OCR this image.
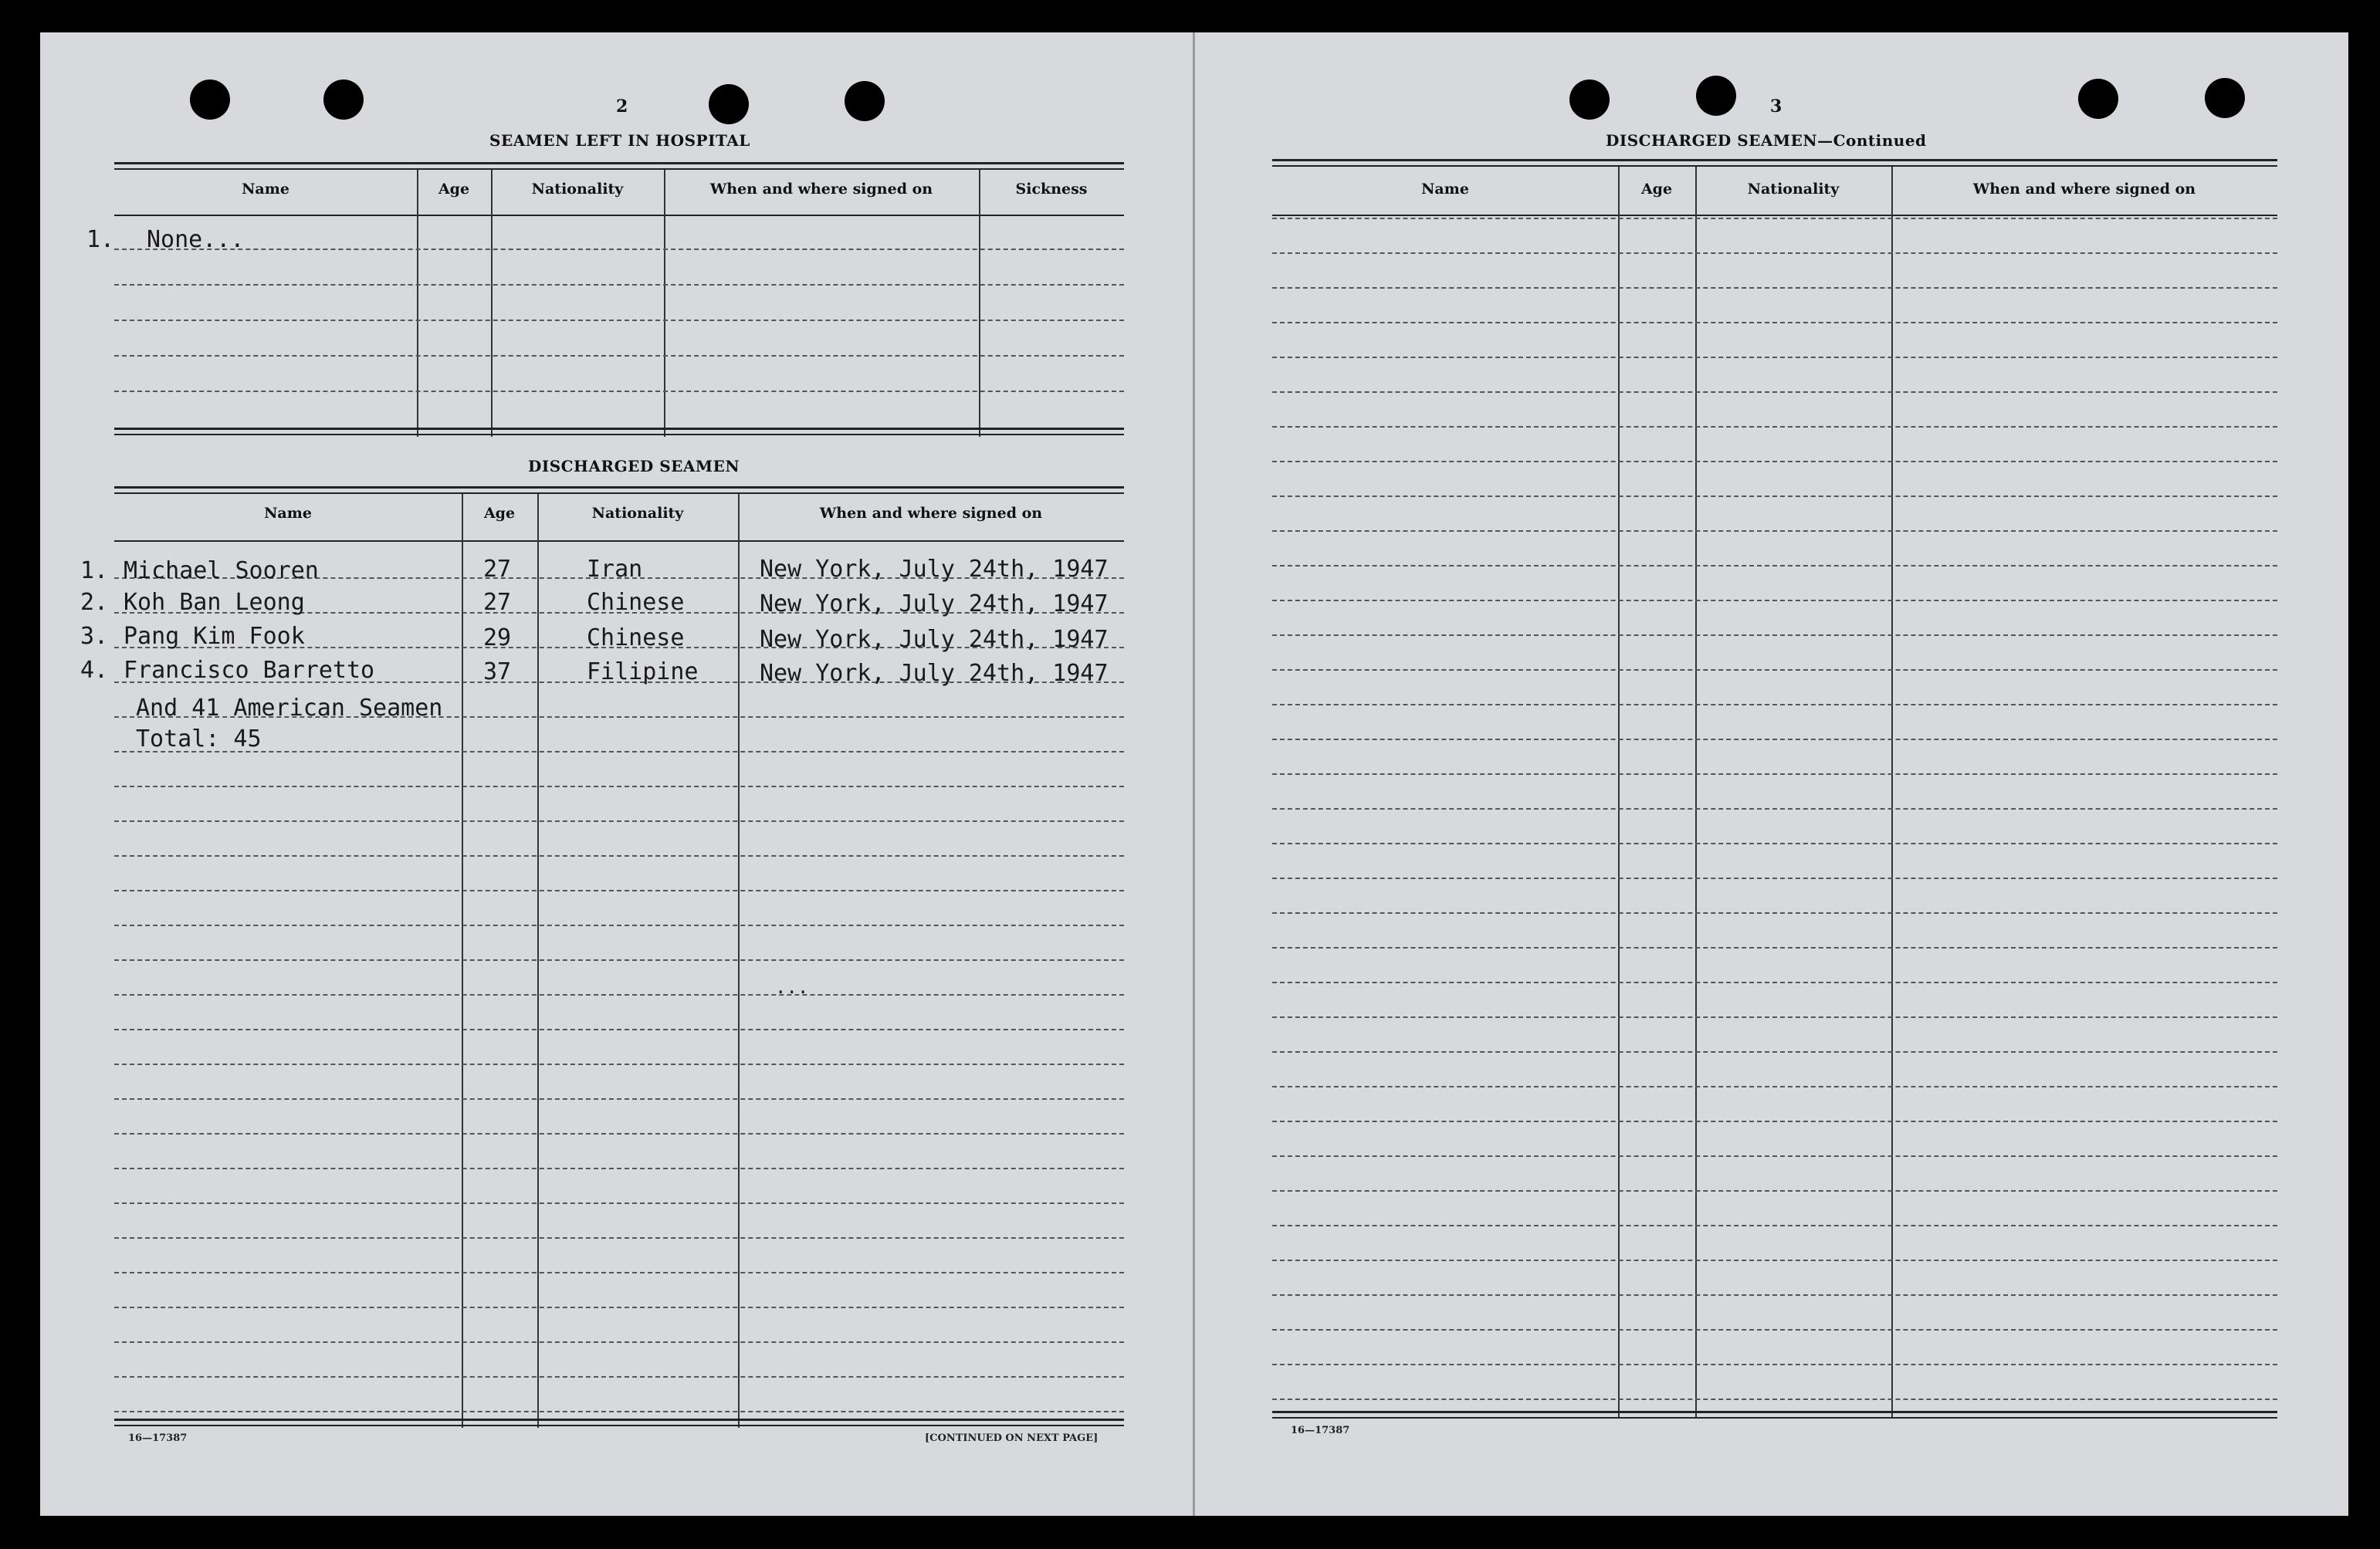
2
SEAMEN LEFT IN HOSPITAL
Name	Age	Nationality	When and where signed on	Sickness
1. None...
DISCHARGED SEAMEN
Name	Age	Nationality	When and where signed on
1. Michael Sooren	27	Iran	New York, July 24th, 1947
2. Koh Ban Leong	27	Chinese	New York, July 24th, 1947
3. Pang Kim Fook	29	Chinese	New York, July 24th, 1947
4. Francisco Barretto	37	Filipine	New York, July 24th, 1947
And 41 American Seamen
Total: 45
...
16—17387	[CONTINUED ON NEXT PAGE]
3
DISCHARGED SEAMEN—Continued
Name	Age	Nationality	When and where signed on
16—17387
